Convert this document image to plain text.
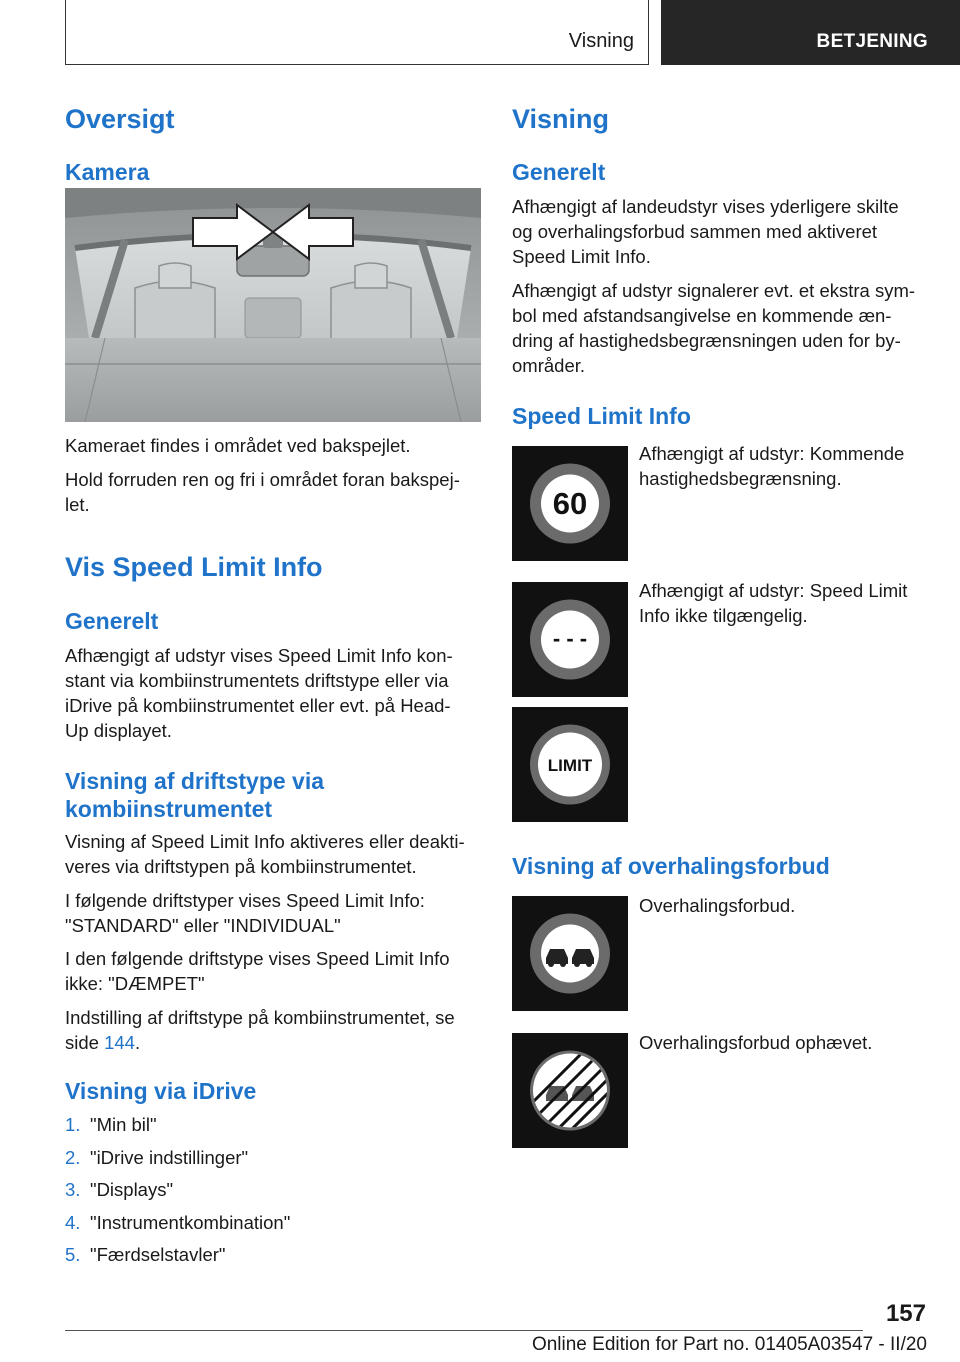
Visning	BETJENING
Oversigt
Kamera
Kameraet findes i området ved bakspejlet.
Hold forruden ren og fri i området foran bakspej-
let.
Vis Speed Limit Info
Generelt
Afhængigt af udstyr vises Speed Limit Info kon-
stant via kombiinstrumentets driftstype eller via
iDrive på kombiinstrumentet eller evt. på Head-
Up displayet.
Visning af driftstype via
kombiinstrumentet
Visning af Speed Limit Info aktiveres eller deakti-
veres via driftstypen på kombiinstrumentet.
I følgende driftstyper vises Speed Limit Info:
"STANDARD" eller "INDIVIDUAL"
I den følgende driftstype vises Speed Limit Info
ikke: "DÆMPET"
Indstilling af driftstype på kombiinstrumentet, se
side 144.
Visning via iDrive
1. "Min bil"
2. "iDrive indstillinger"
3. "Displays"
4. "Instrumentkombination"
5. "Færdselstavler"
Visning
Generelt
Afhængigt af landeudstyr vises yderligere skilte
og overhalingsforbud sammen med aktiveret
Speed Limit Info.
Afhængigt af udstyr signalerer evt. et ekstra sym-
bol med afstandsangivelse en kommende æn-
dring af hastighedsbegrænsningen uden for by-
områder.
Speed Limit Info
60
Afhængigt af udstyr: Kommende
hastighedsbegrænsning.
- - -
Afhængigt af udstyr: Speed Limit
Info ikke tilgængelig.
LIMIT
Visning af overhalingsforbud
Overhalingsforbud.
Overhalingsforbud ophævet.
157
Online Edition for Part no. 01405A03547 - II/20
